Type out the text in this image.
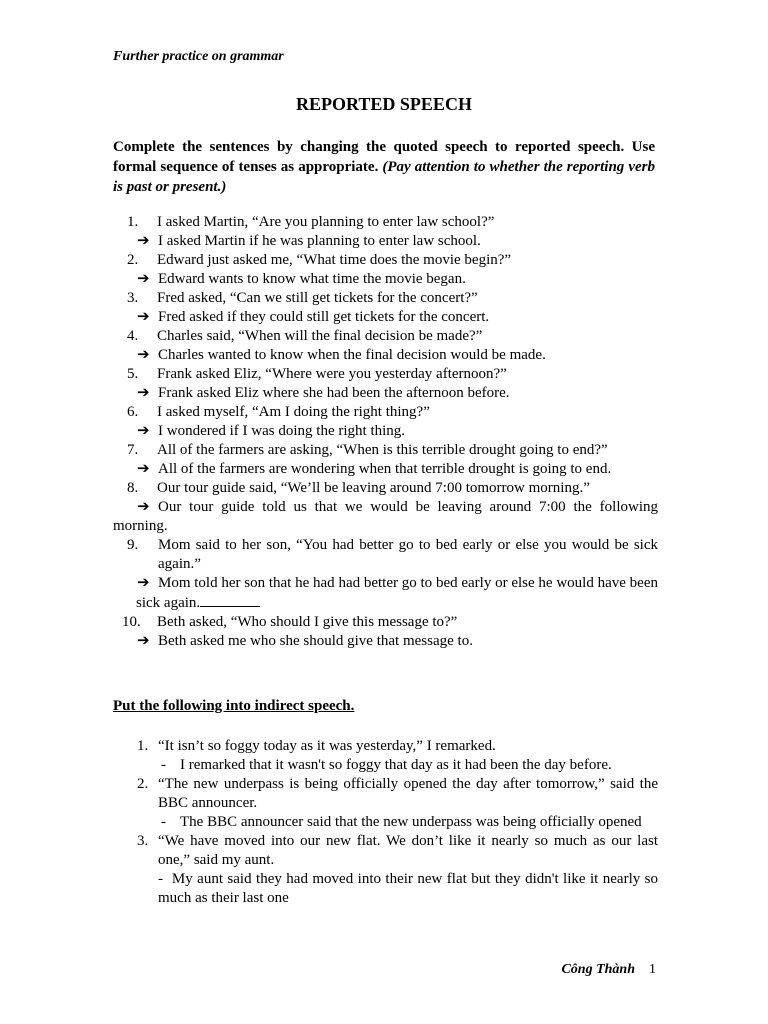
Further practice on grammar
REPORTED SPEECH
Complete the sentences by changing the quoted speech to reported speech. Use formal sequence of tenses as appropriate. (Pay attention to whether the reporting verb is past or present.)
1.	I asked Martin, “Are you planning to enter law school?”
➔ I asked Martin if he was planning to enter law school.
2.	Edward just asked me, “What time does the movie begin?”
➔ Edward wants to know what time the movie began.
3.	Fred asked, “Can we still get tickets for the concert?”
➔ Fred asked if they could still get tickets for the concert.
4.	Charles said, “When will the final decision be made?”
➔ Charles wanted to know when the final decision would be made.
5.	Frank asked Eliz, “Where were you yesterday afternoon?”
➔ Frank asked Eliz where she had been the afternoon before.
6.	I asked myself, “Am I doing the right thing?”
➔ I wondered if I was doing the right thing.
7.	All of the farmers are asking, “When is this terrible drought going to end?”
➔ All of the farmers are wondering when that terrible drought is going to end.
8.	Our tour guide said, “We’ll be leaving around 7:00 tomorrow morning.”
➔ Our tour guide told us that we would be leaving around 7:00 the following morning.
9.	Mom said to her son, “You had better go to bed early or else you would be sick again.”
➔ Mom told her son that he had had better go to bed early or else he would have been sick again.
10.	Beth asked, “Who should I give this message to?”
➔ Beth asked me who she should give that message to.
Put the following into indirect speech.
1. “It isn’t so foggy today as it was yesterday,” I remarked.
- I remarked that it wasn't so foggy that day as it had been the day before.
2. “The new underpass is being officially opened the day after tomorrow,” said the BBC announcer.
- The BBC announcer said that the new underpass was being officially opened
3. “We have moved into our new flat. We don’t like it nearly so much as our last one,” said my aunt.
- My aunt said they had moved into their new flat but they didn't like it nearly so much as their last one
Công Thành 1
